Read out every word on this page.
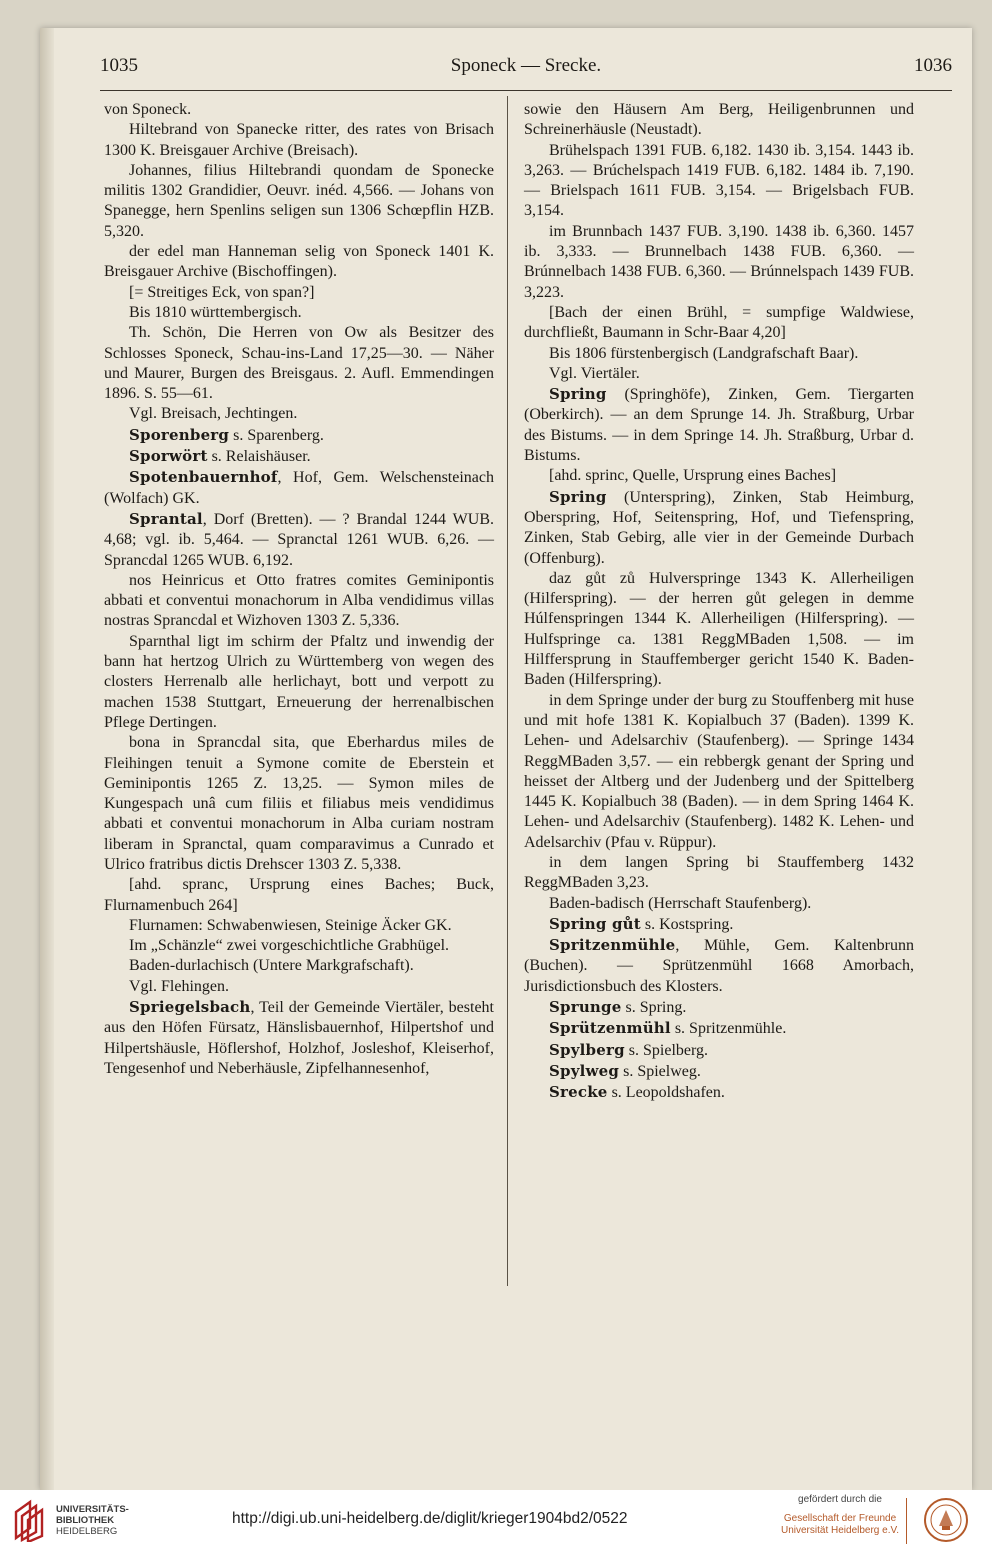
1035	Sponeck — Srecke.	1036

von Sponeck.

Hiltebrand von Spanecke ritter, des rates von Brisach 1300 K. Breisgauer Archive (Breisach).

Johannes, filius Hiltebrandi quondam de Sponecke militis 1302 Grandidier, Oeuvr. inéd. 4,566. — Johans von Spanegge, hern Spenlins seligen sun 1306 Schœpflin HZB. 5,320.

der edel man Hanneman selig von Sponeck 1401 K. Breisgauer Archive (Bischoffingen).

[= Streitiges Eck, von span?]

Bis 1810 württembergisch.

Th. Schön, Die Herren von Ow als Besitzer des Schlosses Sponeck, Schau-ins-Land 17,25—30. — Näher und Maurer, Burgen des Breisgaus. 2. Aufl. Emmendingen 1896. S. 55—61.

Vgl. Breisach, Jechtingen.

Sporenberg s. Sparenberg.

Sporwört s. Relaishäuser.

Spotenbauernhof, Hof, Gem. Welschensteinach (Wolfach) GK.

Sprantal, Dorf (Bretten). — ? Brandal 1244 WUB. 4,68; vgl. ib. 5,464. — Spranctal 1261 WUB. 6,26. — Sprancdal 1265 WUB. 6,192.

nos Heinricus et Otto fratres comites Geminipontis abbati et conventui monachorum in Alba vendidimus villas nostras Sprancdal et Wizhoven 1303 Z. 5,336.

Sparnthal ligt im schirm der Pfaltz und inwendig der bann hat hertzog Ulrich zu Württemberg von wegen des closters Herrenalb alle herlichayt, bott und verpott zu machen 1538 Stuttgart, Erneuerung der herrenalbischen Pflege Dertingen.

bona in Sprancdal sita, que Eberhardus miles de Fleihingen tenuit a Symone comite de Eberstein et Geminipontis 1265 Z. 13,25. — Symon miles de Kungespach unâ cum filiis et filiabus meis vendidimus abbati et conventui monachorum in Alba curiam nostram liberam in Spranctal, quam comparavimus a Cunrado et Ulrico fratribus dictis Drehscer 1303 Z. 5,338.

[ahd. spranc, Ursprung eines Baches; Buck, Flurnamenbuch 264]

Flurnamen: Schwabenwiesen, Steinige Äcker GK.

Im „Schänzle“ zwei vorgeschichtliche Grabhügel.

Baden-durlachisch (Untere Markgrafschaft).

Vgl. Flehingen.

Spriegelsbach, Teil der Gemeinde Viertäler, besteht aus den Höfen Fürsatz, Hänslisbauernhof, Hilpertshof und Hilpertshäusle, Höflershof, Holzhof, Josleshof, Kleiserhof, Tengesenhof und Neberhäusle, Zipfelhannesenhof,

sowie den Häusern Am Berg, Heiligenbrunnen und Schreinerhäusle (Neustadt).

Brühelspach 1391 FUB. 6,182. 1430 ib. 3,154. 1443 ib. 3,263. — Brúchelspach 1419 FUB. 6,182. 1484 ib. 7,190. — Brielspach 1611 FUB. 3,154. — Brigelsbach FUB. 3,154.

im Brunnbach 1437 FUB. 3,190. 1438 ib. 6,360. 1457 ib. 3,333. — Brunnelbach 1438 FUB. 6,360. — Brúnnelbach 1438 FUB. 6,360. — Brúnnelspach 1439 FUB. 3,223.

[Bach der einen Brühl, = sumpfige Waldwiese, durchfließt, Baumann in Schr-Baar 4,20]

Bis 1806 fürstenbergisch (Landgrafschaft Baar).

Vgl. Viertäler.

Spring (Springhöfe), Zinken, Gem. Tiergarten (Oberkirch). — an dem Sprunge 14. Jh. Straßburg, Urbar des Bistums. — in dem Springe 14. Jh. Straßburg, Urbar d. Bistums.

[ahd. sprinc, Quelle, Ursprung eines Baches]

Spring (Unterspring), Zinken, Stab Heimburg, Oberspring, Hof, Seitenspring, Hof, und Tiefenspring, Zinken, Stab Gebirg, alle vier in der Gemeinde Durbach (Offenburg).

daz gůt zů Hulverspringe 1343 K. Allerheiligen (Hilferspring). — der herren gůt gelegen in demme Húlfenspringen 1344 K. Allerheiligen (Hilferspring). — Hulfspringe ca. 1381 ReggMBaden 1,508. — im Hilffersprung in Stauffemberger gericht 1540 K. Baden-Baden (Hilferspring).

in dem Springe under der burg zu Stouffenberg mit huse und mit hofe 1381 K. Kopialbuch 37 (Baden). 1399 K. Lehen- und Adelsarchiv (Staufenberg). — Springe 1434 ReggMBaden 3,57. — ein rebbergk genant der Spring und heisset der Altberg und der Judenberg und der Spittelberg 1445 K. Kopialbuch 38 (Baden). — in dem Spring 1464 K. Lehen- und Adelsarchiv (Staufenberg). 1482 K. Lehen- und Adelsarchiv (Pfau v. Rüppur).

in dem langen Spring bi Stauffemberg 1432 ReggMBaden 3,23.

Baden-badisch (Herrschaft Staufenberg).

Spring gůt s. Kostspring.

Spritzenmühle, Mühle, Gem. Kaltenbrunn (Buchen). — Sprützenmühl 1668 Amorbach, Jurisdictionsbuch des Klosters.

Sprunge s. Spring.

Sprützenmühl s. Spritzenmühle.

Spylberg s. Spielberg.

Spylweg s. Spielweg.

Srecke s. Leopoldshafen.

UNIVERSITÄTS-
BIBLIOTHEK
HEIDELBERG
http://digi.ub.uni-heidelberg.de/diglit/krieger1904bd2/0522
gefördert durch die
Gesellschaft der Freunde
Universität Heidelberg e.V.
